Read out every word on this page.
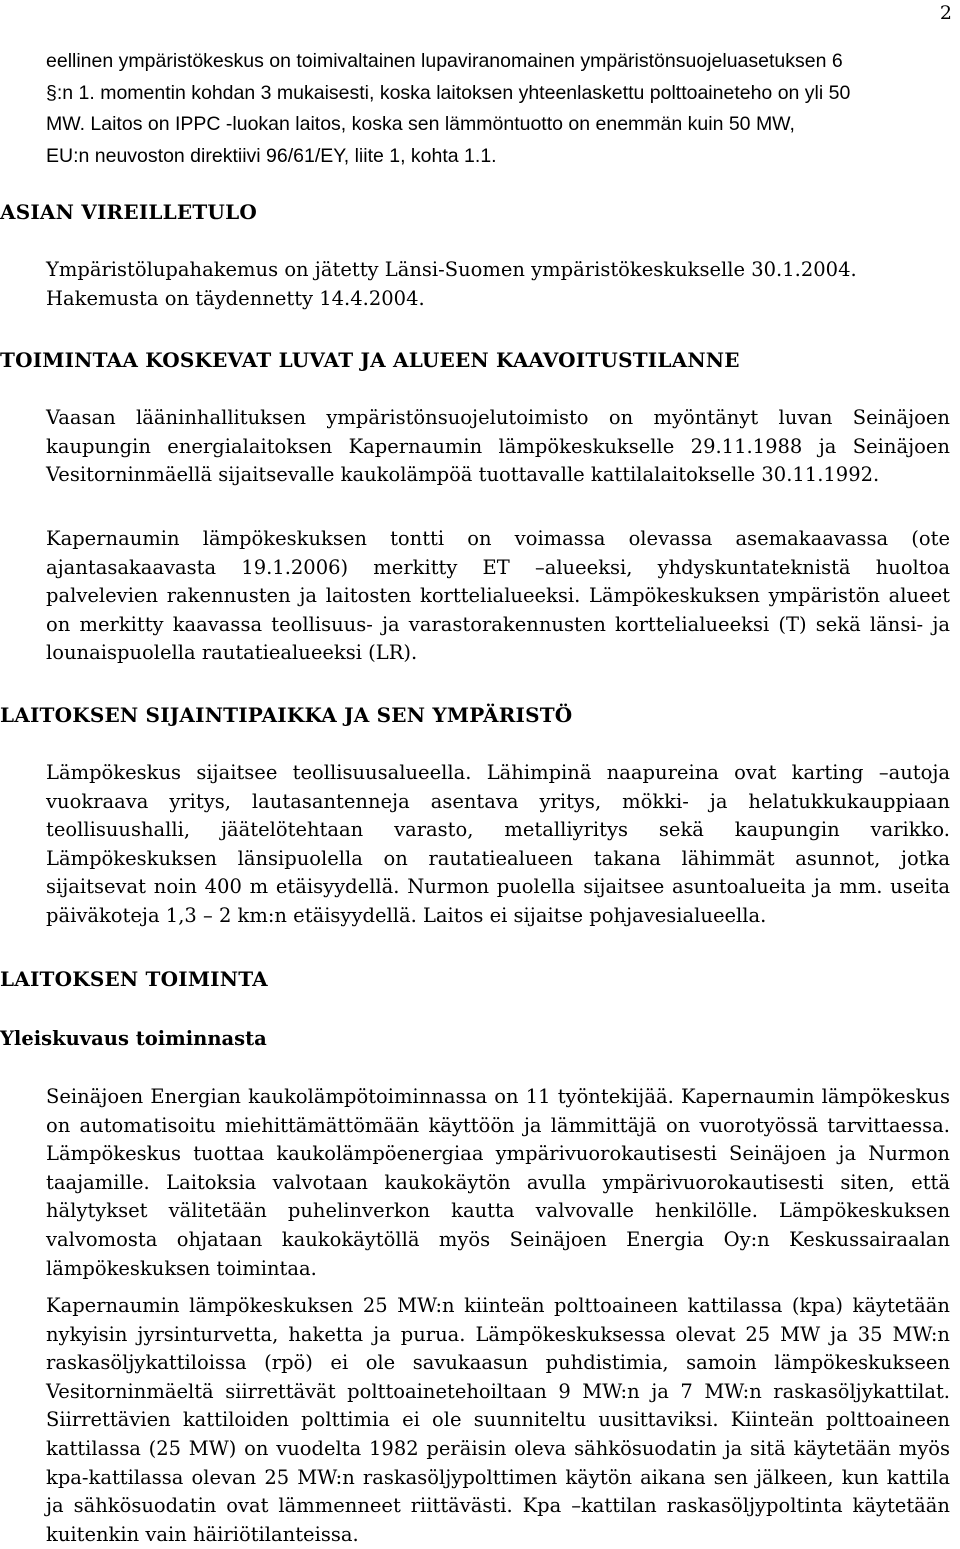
2

eellinen ympäristökeskus on toimivaltainen lupaviranomainen ympäristönsuojeluasetuksen 6

§:n 1. momentin kohdan 3 mukaisesti, koska laitoksen yhteenlaskettu polttoaineteho on yli 50

MW. Laitos on IPPC -luokan laitos, koska sen lämmöntuotto on enemmän kuin 50 MW,

EU:n neuvoston direktiivi 96/61/EY, liite 1, kohta 1.1.

ASIAN VIREILLETULO

Ympäristölupahakemus on jätetty Länsi-Suomen ympäristökeskukselle 30.1.2004. Hakemusta on täydennetty 14.4.2004.

TOIMINTAA KOSKEVAT LUVAT JA ALUEEN KAAVOITUSTILANNE

Vaasan lääninhallituksen ympäristönsuojelutoimisto on myöntänyt luvan Seinäjoen kaupungin energialaitoksen Kapernaumin lämpökeskukselle 29.11.1988 ja Seinäjoen Vesitorninmäellä sijaitsevalle kaukolämpöä tuottavalle kattilalaitokselle 30.11.1992.

Kapernaumin lämpökeskuksen tontti on voimassa olevassa asemakaavassa (ote ajantasakaavasta 19.1.2006) merkitty ET –alueeksi, yhdyskuntateknistä huoltoa palvelevien rakennusten ja laitosten korttelialueeksi. Lämpökeskuksen ympäristön alueet on merkitty kaavassa teollisuus- ja varastorakennusten korttelialueeksi (T) sekä länsi- ja lounaispuolella rautatiealueeksi (LR).

LAITOKSEN SIJAINTIPAIKKA JA SEN YMPÄRISTÖ

Lämpökeskus sijaitsee teollisuusalueella. Lähimpinä naapureina ovat karting –autoja vuokraava yritys, lautasantenneja asentava yritys, mökki- ja helatukkukauppiaan teollisuushalli, jäätelötehtaan varasto, metalliyritys sekä kaupungin varikko. Lämpökeskuksen länsipuolella on rautatiealueen takana lähimmät asunnot, jotka sijaitsevat noin 400 m etäisyydellä. Nurmon puolella sijaitsee asuntoalueita ja mm. useita päiväkoteja 1,3 – 2 km:n etäisyydellä. Laitos ei sijaitse pohjavesialueella.

LAITOKSEN TOIMINTA
Yleiskuvaus toiminnasta

Seinäjoen Energian kaukolämpötoiminnassa on 11 työntekijää. Kapernaumin lämpökeskus on automatisoitu miehittämättömään käyttöön ja lämmittäjä on vuorotyössä tarvittaessa. Lämpökeskus tuottaa kaukolämpöenergiaa ympärivuorokautisesti Seinäjoen ja Nurmon taajamille. Laitoksia valvotaan kaukokäytön avulla ympärivuorokautisesti siten, että hälytykset välitetään puhelinverkon kautta valvovalle henkilölle. Lämpökeskuksen valvomosta ohjataan kaukokäytöllä myös Seinäjoen Energia Oy:n Keskussairaalan lämpökeskuksen toimintaa.

Kapernaumin lämpökeskuksen 25 MW:n kiinteän polttoaineen kattilassa (kpa) käytetään nykyisin jyrsinturvetta, haketta ja purua. Lämpökeskuksessa olevat 25 MW ja 35 MW:n raskasöljykattiloissa (rpö) ei ole savukaasun puhdistimia, samoin lämpökeskukseen Vesitorninmäeltä siirrettävät polttoainetehoiltaan 9 MW:n ja 7 MW:n raskasöljykattilat. Siirrettävien kattiloiden polttimia ei ole suunniteltu uusittaviksi. Kiinteän polttoaineen kattilassa (25 MW) on vuodelta 1982 peräisin oleva sähkösuodatin ja sitä käytetään myös kpa-kattilassa olevan 25 MW:n raskasöljypolttimen käytön aikana sen jälkeen, kun kattila ja sähkösuodatin ovat lämmenneet riittävästi. Kpa –kattilan raskasöljypoltinta käytetään kuitenkin vain häiriötilanteissa.
